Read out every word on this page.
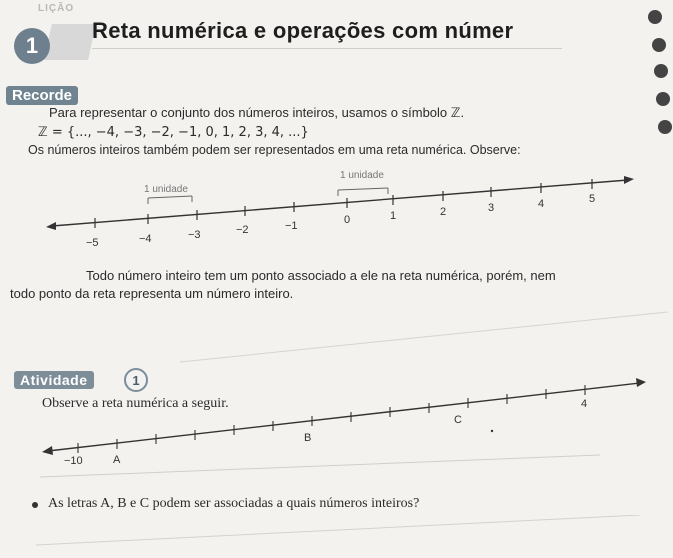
LIÇÃO
1
Reta numérica e operações com númer
Recorde
Para representar o conjunto dos números inteiros, usamos o símbolo ℤ.
ℤ = {..., −4, −3, −2, −1, 0, 1, 2, 3, 4, ...}
Os números inteiros também podem ser representados em uma reta numérica. Observe:
1 unidade
1 unidade
−5	−4	−3	−2	−1	0	1	2	3	4	5
Todo número inteiro tem um ponto associado a ele na reta numérica, porém, nem
todo ponto da reta representa um número inteiro.
Atividade	1
Observe a reta numérica a seguir.
−10	A
B
C
4
As letras A, B e C podem ser associadas a quais números inteiros?
